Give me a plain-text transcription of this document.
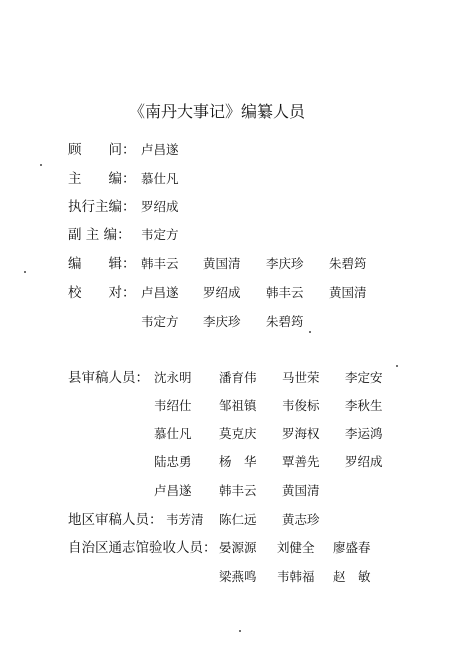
《南丹大事记》编纂人员
顾　　问： 卢昌遂
主　　编： 慕仕凡
执行主编： 罗绍成
副 主 编： 韦定方
编　　辑： 韩丰云 黄国清 李庆珍 朱碧筠
校　　对： 卢昌遂 罗绍成 韩丰云 黄国清
韦定方 李庆珍 朱碧筠
县审稿人员： 沈永明 潘育伟 马世荣 李定安
韦绍仕 邹祖镇 韦俊标 李秋生
慕仕凡 莫克庆 罗海权 李运鸿
陆忠勇 杨　华 覃善先 罗绍成
卢昌遂 韩丰云 黄国清
地区审稿人员： 韦芳清 陈仁远 黄志珍
自治区通志馆验收人员： 晏源源 刘健全 廖盛春
梁燕鸣 韦韩福 赵　敏
